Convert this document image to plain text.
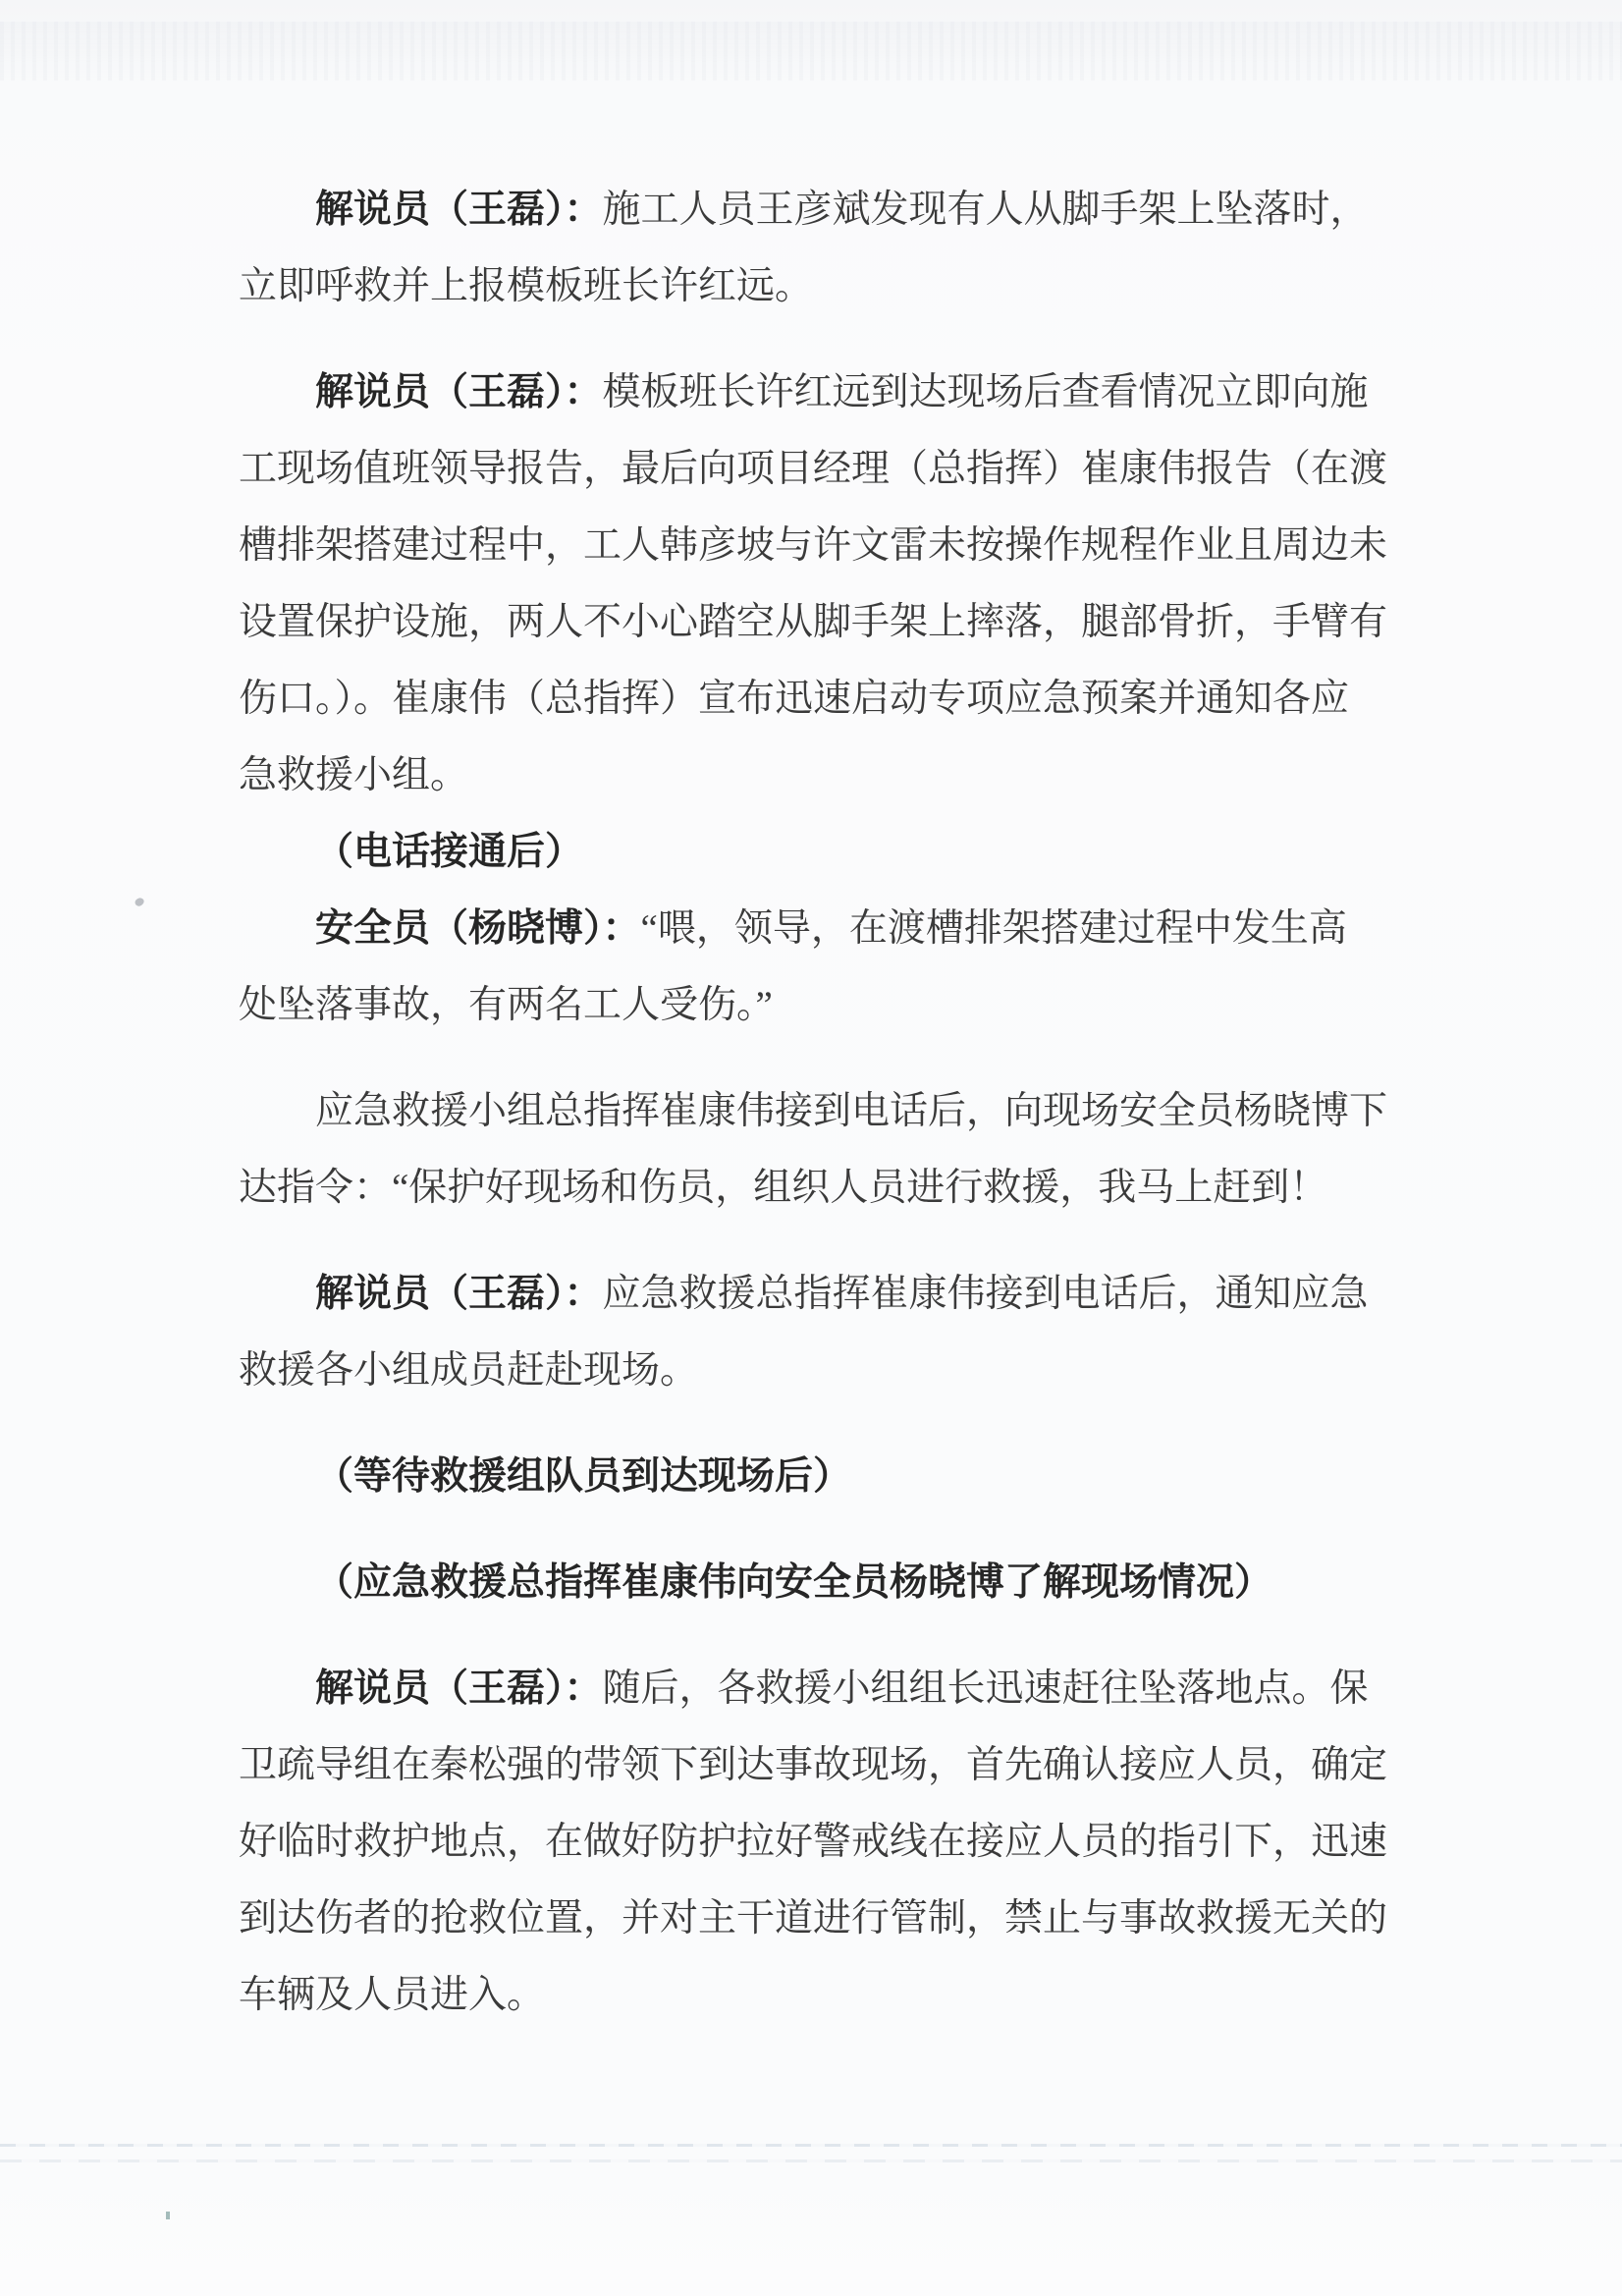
解说员（王磊）：施工人员王彦斌发现有人从脚手架上坠落时，
立即呼救并上报模板班长许红远。
解说员（王磊）：模板班长许红远到达现场后查看情况立即向施
工现场值班领导报告，最后向项目经理（总指挥）崔康伟报告（在渡
槽排架搭建过程中，工人韩彦坡与许文雷未按操作规程作业且周边未
设置保护设施，两人不小心踏空从脚手架上摔落，腿部骨折，手臂有
伤口。）。崔康伟（总指挥）宣布迅速启动专项应急预案并通知各应
急救援小组。
（电话接通后）
安全员（杨晓博）：“喂，领导，在渡槽排架搭建过程中发生高
处坠落事故，有两名工人受伤。”
应急救援小组总指挥崔康伟接到电话后，向现场安全员杨晓博下
达指令：“保护好现场和伤员，组织人员进行救援，我马上赶到！
解说员（王磊）：应急救援总指挥崔康伟接到电话后，通知应急
救援各小组成员赶赴现场。
（等待救援组队员到达现场后）
（应急救援总指挥崔康伟向安全员杨晓博了解现场情况）
解说员（王磊）：随后，各救援小组组长迅速赶往坠落地点。保
卫疏导组在秦松强的带领下到达事故现场，首先确认接应人员，确定
好临时救护地点，在做好防护拉好警戒线在接应人员的指引下，迅速
到达伤者的抢救位置，并对主干道进行管制，禁止与事故救援无关的
车辆及人员进入。
